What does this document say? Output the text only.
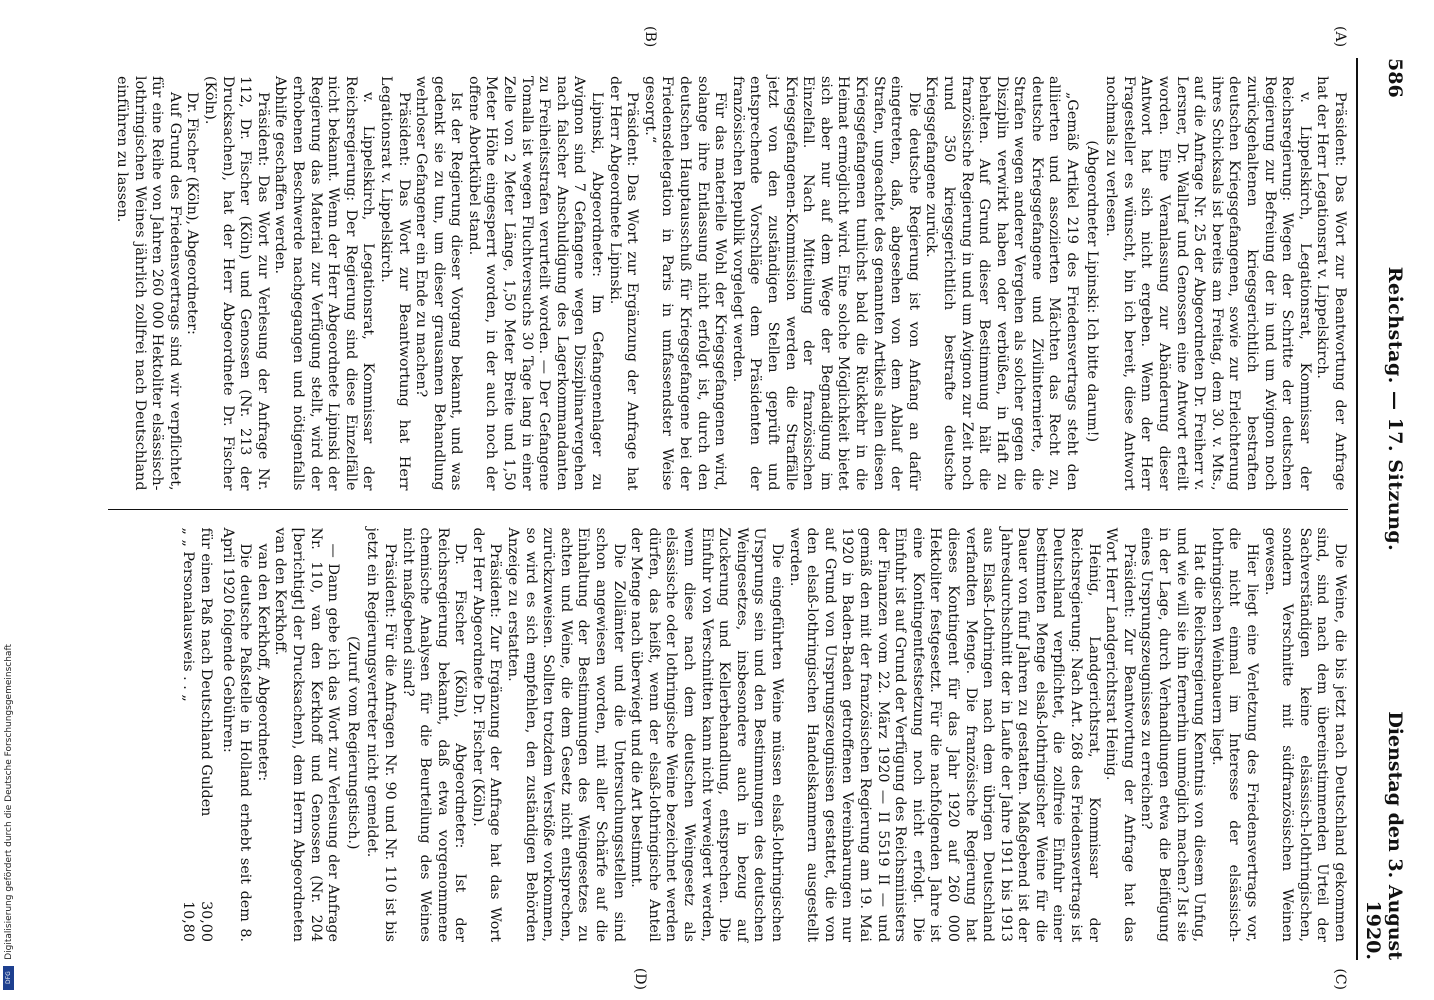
Digitalisierung gefördert durch die Deutsche Forschungsgemeinschaft
DFG
586
Reichstag. — 17. Sitzung.
Dienstag den 3. August 1920.
(A)
(B)

Präsident: Das Wort zur Beantwortung der Anfrage hat der Herr Legationsrat v. Lippelskirch.

v. Lippelskirch, Legationsrat, Kommissar der Reichsregierung: Wegen der Schritte der deutschen Regierung zur Befreiung der in und um Avignon noch zurückgehaltenen kriegsgerichtlich bestraften deutschen Kriegsgefangenen, sowie zur Erleichterung ihres Schicksals ist bereits am Freitag, dem 30. v. Mts., auf die Anfrage Nr. 25 der Abgeordneten Dr. Freiherr v. Lersner, Dr. Wallraf und Genossen eine Antwort erteilt worden. Eine Veranlassung zur Abänderung dieser Antwort hat sich nicht ergeben. Wenn der Herr Fragesteller es wünscht, bin ich bereit, diese Antwort nochmals zu verlesen.

(Abgeordneter Lipinski: Ich bitte darum!)

„Gemäß Artikel 219 des Friedensvertrags steht den alliierten und assoziierten Mächten das Recht zu, deutsche Kriegsgefangene und Zivilinternierte, die Strafen wegen anderer Vergehen als solcher gegen die Disziplin verwirkt haben oder verbüßen, in Haft zu behalten. Auf Grund dieser Bestimmung hält die französische Regierung in und um Avignon zur Zeit noch rund 350 kriegsgerichtlich bestrafte deutsche Kriegsgefangene zurück.

Die deutsche Regierung ist von Anfang an dafür eingetreten, daß, abgesehen von dem Ablauf der Strafen, ungeachtet des genannten Artikels allen diesen Kriegsgefangenen tunlichst bald die Rückkehr in die Heimat ermöglicht wird. Eine solche Möglichkeit bietet sich aber nur auf dem Wege der Begnadigung im Einzelfall. Nach Mitteilung der französischen Kriegsgefangenen-Kommission werden die Straffälle jetzt von den zuständigen Stellen geprüft und entsprechende Vorschläge dem Präsidenten der französischen Republik vorgelegt werden.

Für das materielle Wohl der Kriegsgefangenen wird, solange ihre Entlassung nicht erfolgt ist, durch den deutschen Hauptausschuß für Kriegsgefangene bei der Friedensdelegation in Paris in umfassendster Weise gesorgt.“

Präsident: Das Wort zur Ergänzung der Anfrage hat der Herr Abgeordnete Lipinski.

Lipinski, Abgeordneter: Im Gefangenenlager zu Avignon sind 7 Gefangene wegen Disziplinarvergehen nach falscher Anschuldigung des Lagerkommandanten zu Freiheitsstrafen verurteilt worden. — Der Gefangene Tomalla ist wegen Fluchtversuchs 30 Tage lang in einer Zelle von 2 Meter Länge, 1,50 Meter Breite und 1,50 Meter Höhe eingesperrt worden, in der auch noch der offene Abortkübel stand.

Ist der Regierung dieser Vorgang bekannt, und was gedenkt sie zu tun, um dieser grausamen Behandlung wehrloser Gefangener ein Ende zu machen?

Präsident: Das Wort zur Beantwortung hat Herr Legationsrat v. Lippelskirch.

v. Lippelskirch, Legationsrat, Kommissar der Reichsregierung: Der Regierung sind diese Einzelfälle nicht bekannt. Wenn der Herr Abgeordnete Lipinski der Regierung das Material zur Verfügung stellt, wird der erhobenen Beschwerde nachgegangen und nötigenfalls Abhilfe geschaffen werden.

Präsident: Das Wort zur Verlesung der Anfrage Nr. 112, Dr. Fischer (Köln) und Genossen (Nr. 213 der Drucksachen), hat der Herr Abgeordnete Dr. Fischer (Köln).

Dr. Fischer (Köln), Abgeordneter:

Auf Grund des Friedensvertrags sind wir verpflichtet, für eine Reihe von Jahren 260 000 Hektoliter elsässisch-lothringischen Weines jährlich zollfrei nach Deutschland einführen zu lassen.

(C)
(D)

Die Weine, die bis jetzt nach Deutschland gekommen sind, sind nach dem übereinstimmenden Urteil der Sachverständigen keine elsässisch-lothringischen, sondern Verschnitte mit südfranzösischen Weinen gewesen.

Hier liegt eine Verletzung des Friedensvertrags vor, die nicht einmal im Interesse der elsässisch-lothringischen Weinbauern liegt.

Hat die Reichsregierung Kenntnis von diesem Unfug, und wie will sie ihn fernerhin unmöglich machen? Ist sie in der Lage, durch Verhandlungen etwa die Beifügung eines Ursprungszeugnisses zu erreichen?

Präsident: Zur Beantwortung der Anfrage hat das Wort Herr Landgerichtsrat Heinig.

Heinig, Landgerichtsrat, Kommissar der Reichsregierung: Nach Art. 268 des Friedensvertrags ist Deutschland verpflichtet, die zollfreie Einfuhr einer bestimmten Menge elsaß-lothringischer Weine für die Dauer von fünf Jahren zu gestatten. Maßgebend ist der Jahresdurchschnitt der in Laufe der Jahre 1911 bis 1913 aus Elsaß-Lothringen nach dem übrigen Deutschland verfandten Menge. Die französische Regierung hat dieses Kontingent für das Jahr 1920 auf 260 000 Hektoliter festgesetzt. Für die nachfolgenden Jahre ist eine Kontingentfestsetzung noch nicht erfolgt. Die Einfuhr ist auf Grund der Verfügung des Reichsministers der Finanzen vom 22. März 1920 — II 5519 II — und gemäß den mit der französischen Regierung am 19. Mai 1920 in Baden-Baden getroffenen Vereinbarungen nur auf Grund von Ursprungszeugnissen gestattet, die von den elsaß-lothringischen Handelskammern ausgestellt werden.

Die eingeführten Weine müssen elsaß-lothringischen Ursprungs sein und den Bestimmungen des deutschen Weingesetzes, insbesondere auch in bezug auf Zuckerung und Kellerbehandlung, entsprechen. Die Einfuhr von Verschnitten kann nicht verweigert werden, wenn diese nach dem deutschen Weingesetz als elsässische oder lothringische Weine bezeichnet werden dürfen, das heißt, wenn der elsaß-lothringische Anteil der Menge nach überwiegt und die Art bestimmt.

Die Zollämter und die Untersuchungsstellen sind schon angewiesen worden, mit aller Schärfe auf die Einhaltung der Bestimmungen des Weingesetzes zu achten und Weine, die dem Gesetz nicht entsprechen, zurückzuweisen. Sollten trotzdem Verstöße vorkommen, so wird es sich empfehlen, den zuständigen Behörden Anzeige zu erstatten.

Präsident: Zur Ergänzung der Anfrage hat das Wort der Herr Abgeordnete Dr. Fischer (Köln).

Dr. Fischer (Köln), Abgeordneter: Ist der Reichsregierung bekannt, daß etwa vorgenommene chemische Analysen für die Beurteilung des Weines nicht maßgebend sind?

Präsident: Für die Anfragen Nr. 90 und Nr. 110 ist bis jetzt ein Regierungsvertreter nicht gemeldet.

(Zuruf vom Regierungstisch.)

— Dann gebe ich das Wort zur Verlesung der Anfrage Nr. 110, van den Kerkhoff und Genossen (Nr. 204 [berichtigt] der Drucksachen), dem Herrn Abgeordneten van den Kerkhoff.

van den Kerkhoff, Abgeordneter:

Die deutsche Paßstelle in Holland erhebt seit dem 8. April 1920 folgende Gebühren:

für einen Paß nach Deutschland Gulden
30,00
„ „ Personalausweis . . „
10,80
